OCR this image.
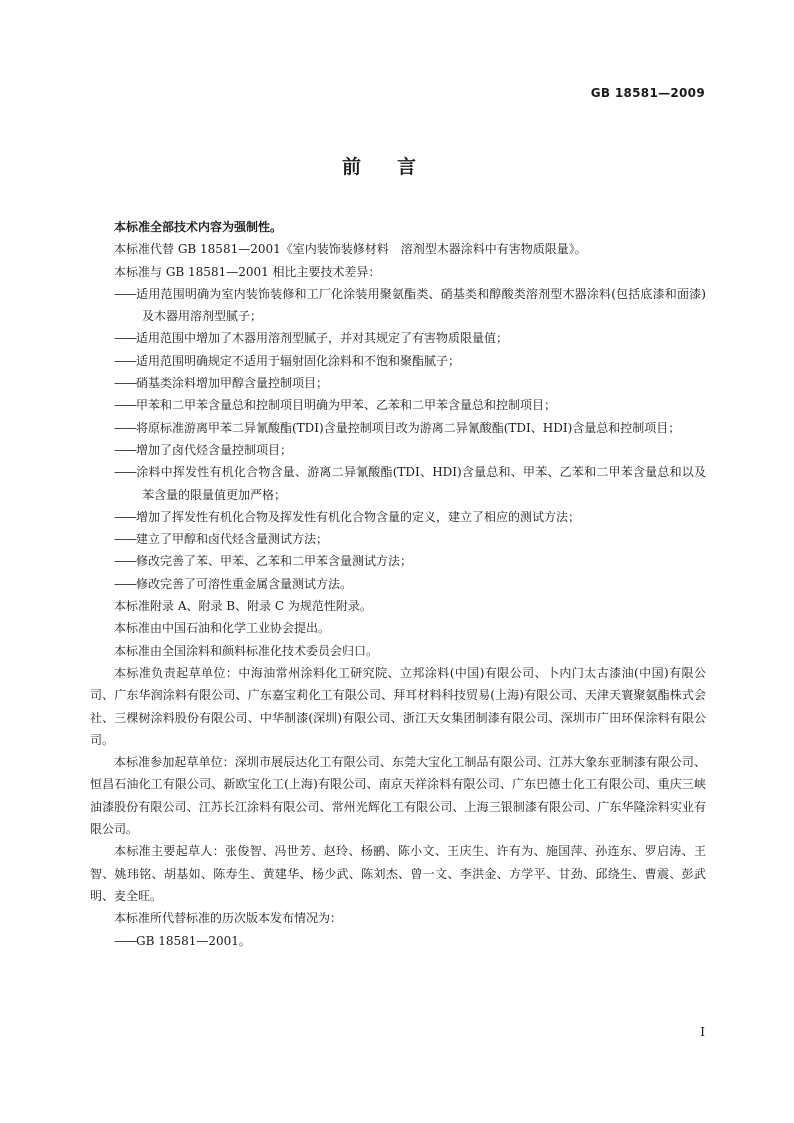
GB 18581—2009
前言

本标准全部技术内容为强制性。

本标准代替 GB 18581—2001《室内装饰装修材料　溶剂型木器涂料中有害物质限量》。

本标准与 GB 18581—2001 相比主要技术差异：

——适用范围明确为室内装饰装修和工厂化涂装用聚氨酯类、硝基类和醇酸类溶剂型木器涂料(包括底漆和面漆)及木器用溶剂型腻子；

——适用范围中增加了木器用溶剂型腻子，并对其规定了有害物质限量值；

——适用范围明确规定不适用于辐射固化涂料和不饱和聚酯腻子；

——硝基类涂料增加甲醇含量控制项目；

——甲苯和二甲苯含量总和控制项目明确为甲苯、乙苯和二甲苯含量总和控制项目；

——将原标准游离甲苯二异氰酸酯(TDI)含量控制项目改为游离二异氰酸酯(TDI、HDI)含量总和控制项目；

——增加了卤代烃含量控制项目；

——涂料中挥发性有机化合物含量、游离二异氰酸酯(TDI、HDI)含量总和、甲苯、乙苯和二甲苯含量总和以及苯含量的限量值更加严格；

——增加了挥发性有机化合物及挥发性有机化合物含量的定义，建立了相应的测试方法；

——建立了甲醇和卤代烃含量测试方法；

——修改完善了苯、甲苯、乙苯和二甲苯含量测试方法；

——修改完善了可溶性重金属含量测试方法。

本标准附录 A、附录 B、附录 C 为规范性附录。

本标准由中国石油和化学工业协会提出。

本标准由全国涂料和颜料标准化技术委员会归口。

本标准负责起草单位：中海油常州涂料化工研究院、立邦涂料(中国)有限公司、卜内门太古漆油(中国)有限公司、广东华润涂料有限公司、广东嘉宝莉化工有限公司、拜耳材料科技贸易(上海)有限公司、天津天寰聚氨酯株式会社、三棵树涂料股份有限公司、中华制漆(深圳)有限公司、浙江天女集团制漆有限公司、深圳市广田环保涂料有限公司。

本标准参加起草单位：深圳市展辰达化工有限公司、东莞大宝化工制品有限公司、江苏大象东亚制漆有限公司、恒昌石油化工有限公司、新欧宝化工(上海)有限公司、南京天祥涂料有限公司、广东巴德士化工有限公司、重庆三峡油漆股份有限公司、江苏长江涂料有限公司、常州光辉化工有限公司、上海三银制漆有限公司、广东华隆涂料实业有限公司。

本标准主要起草人：张俊智、冯世芳、赵玲、杨鹂、陈小文、王庆生、许有为、施国萍、孙连东、罗启涛、王智、姚玮铭、胡基如、陈寿生、黄建华、杨少武、陈刘杰、曾一文、李洪金、方学平、甘劲、邱绕生、曹震、彭武明、麦全旺。

本标准所代替标准的历次版本发布情况为：

——GB 18581—2001。

I
